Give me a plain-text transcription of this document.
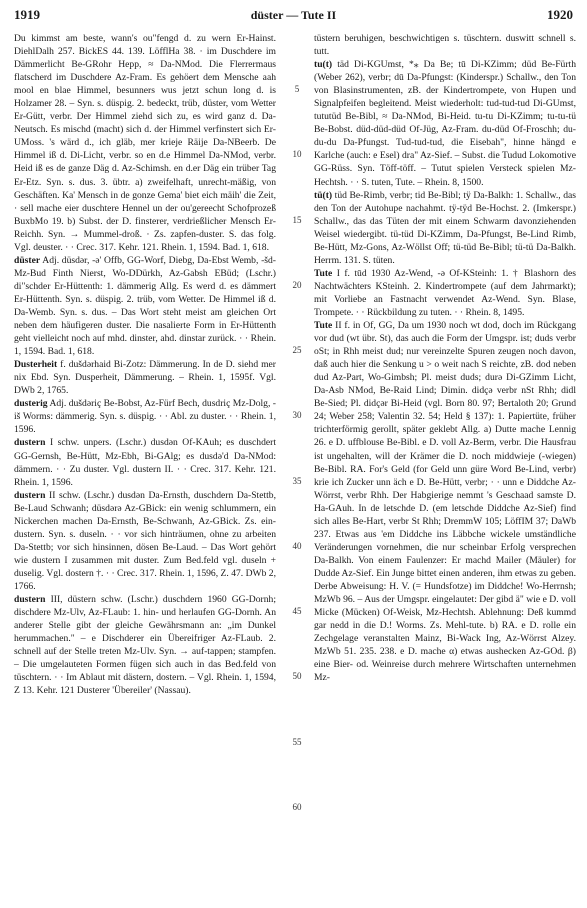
1919	düster — Tute II	1920

Du kimmst am beste, wann's ou"fengd d. zu wern Er-Hainst. DiehlDalh 257. BickES 44. 139. LöfflHa 38. · im Duschdere im Dämmerlicht Be-GRohr Hepp, ≈ Da-NMod. Die Flerrermaus flatscherd im Duschdere Az-Fram. Es gehöert dem Mensche aah mool en blae Himmel, besunners wus jetzt schun long d. is Holzamer 28. – Syn. s. düspig. 2. bedeckt, trüb, düster, vom Wetter Er-Gütt, verbr. Der Himmel ziehd sich zu, es wird ganz d. Da-Neutsch. Es mischd (macht) sich d. der Himmel verfinstert sich Er-UMoss. 's wärd d., ich gläb, mer krieje Räije Da-NBeerb. De Himmel iß d. Di-Licht, verbr. so en d.e Himmel Da-NMod, verbr. Heid iß es de ganze Däg d. Az-Schimsh. en d.er Däg ein trüber Tag Er-Etz. Syn. s. dus. 3. übtr. a) zweifelhaft, unrecht-mäßig, von Geschäften. Ka' Mensch in de gonze Gema' biet eich mäih' die Zeit, · sell mache eier duschtere Hennel un der ou'gereecht Schofprozeß BuxbMo 19. b) Subst. der D. finsterer, verdrießlicher Mensch Er-Reichh. Syn. → Mummel-droß. · Zs. zapfen-duster. S. das folg. Vgl. deuster. · · Crec. 317. Kehr. 121. Rhein. 1, 1594. Bad. 1, 618.

düster Adj. düsdər, -ə' Offb, GG-Worf, Diebg, Da-Ebst Wemb, -šd- Mz-Bud Finth Nierst, Wo-DDürkh, Az-Gabsh EBüd; (Lschr.) di"schder Er-Hüttenth: 1. dämmerig Allg. Es werd d. es dämmert Er-Hüttenth. Syn. s. düspig. 2. trüb, vom Wetter. De Himmel iß d. Da-Wemb. Syn. s. dus. – Das Wort steht meist am gleichen Ort neben dem häufigeren duster. Die nasalierte Form in Er-Hüttenth geht vielleicht noch auf mhd. dinster, ahd. dinstar zurück. · · Rhein. 1, 1594. Bad. 1, 618.

Dusterheit f. dušdərhaid Bi-Zotz: Dämmerung. In de D. siehd mer nix Ebd. Syn. Dusperheit, Dämmerung. – Rhein. 1, 1595f. Vgl. DWb 2, 1765.

dusterig Adj. dušdəriç Be-Bobst, Az-Fürf Bech, dusdriç Mz-Dolg, -iš Worms: dämmerig. Syn. s. düspig. · · Abl. zu duster. · · Rhein. 1, 1596.

dustern I schw. unpers. (Lschr.) dusdən Of-KAuh; es duschdert GG-Gernsh, Be-Hütt, Mz-Ebh, Bi-GAlg; es dusdə'd Da-NMod: dämmern. · · Zu duster. Vgl. dustern II. · · Crec. 317. Kehr. 121. Rhein. 1, 1596.

dustern II schw. (Lschr.) dusdən Da-Ernsth, duschdern Da-Stettb, Be-Laud Schwanh; düsdərə Az-GBick: ein wenig schlummern, ein Nickerchen machen Da-Ernsth, Be-Schwanh, Az-GBick. Zs. ein-dustern. Syn. s. duseln. · · vor sich hinträumen, ohne zu arbeiten Da-Stettb; vor sich hinsinnen, dösen Be-Laud. – Das Wort gehört wie dustern I zusammen mit duster. Zum Bed.feld vgl. duseln + duselig. Vgl. dostern †. · · Crec. 317. Rhein. 1, 1596, Z. 47. DWb 2, 1766.

dustern III, düstern schw. (Lschr.) duschdern 1960 GG-Dornh; dischdere Mz-Ulv, Az-FLaub: 1. hin- und herlaufen GG-Dornh. An anderer Stelle gibt der gleiche Gewährsmann an: „im Dunkel herummachen." – e Dischderer ein Übereifriger Az-FLaub. 2. schnell auf der Stelle treten Mz-Ulv. Syn. → auf-tappen; stampfen. – Die umgelauteten Formen fügen sich auch in das Bed.feld von tüschtern. · · Im Ablaut mit dästern, dostern. – Vgl. Rhein. 1, 1594, Z 13. Kehr. 121 Dusterer 'Übereiler' (Nassau).

5
10
15
20
25
30
35
40
45
50
55
60

tüstern beruhigen, beschwichtigen s. tüschtern. duswitt schnell s. tutt.

tu(t) täd Di-KGUmst, *⁎ Da Be; tū Di-KZimm; düd Be-Fürth (Weber 262), verbr; dū Da-Pfungst: (Kinderspr.) Schallw., den Ton von Blasinstrumenten, zB. der Kindertrompete, von Hupen und Signalpfeifen begleitend. Meist wiederholt: tud-tud-tud Di-GUmst, tututüd Be-Bibl, ≈ Da-NMod, Bi-Heid. tu-tu Di-KZimm; tu-tu-tü Be-Bobst. düd-düd-düd Of-Jüg, Az-Fram. du-düd Of-Froschh; du-du-du Da-Pfungst. Tud-tud-tud, die Eisebah", hinne hängd e Karlche (auch: e Esel) dra" Az-Sief. – Subst. die Tudud Lokomotive GG-Rüss. Syn. Töff-töff. – Tutut spielen Versteck spielen Mz-Hechtsh. · · S. tuten, Tute. – Rhein. 8, 1500.

tü(t) tüd Be-Rimb, verbr; tid Be-Bibl; tÿ Da-Balkh: 1. Schallw., das den Ton der Autohupe nachahmt. tÿ-tÿd Be-Hochst. 2. (Imkerspr.) Schallw., das das Tüten der mit einem Schwarm davonziehenden Weisel wiedergibt. tü-tüd Di-KZimm, Da-Pfungst, Be-Lind Rimb, Be-Hütt, Mz-Gons, Az-Wöllst Off; tü-tüd Be-Bibl; tü-tü Da-Balkh. Herrm. 131. S. tüten.

Tute I f. tūd 1930 Az-Wend, -ə Of-KSteinh: 1. † Blashorn des Nachtwächters KSteinh. 2. Kindertrompete (auf dem Jahrmarkt); mit Vorliebe an Fastnacht verwendet Az-Wend. Syn. Blase, Trompete. · · Rückbildung zu tuten. · · Rhein. 8, 1495.

Tute II f. in Of, GG, Da um 1930 noch wt dod, doch im Rückgang vor dud (wt übr. St), das auch die Form der Umgspr. ist; duds verbr oSt; in Rhh meist dud; nur vereinzelte Spuren zeugen noch davon, daß auch hier die Senkung u > o weit nach S reichte, zB. dod neben dud Az-Part, Wo-Gimbsh; Pl. meist duds; durə Di-GZimm Licht, Da-Asb NMod, Be-Raid Lind; Dimin. didçə verbr nSt Rhh; didl Be-Sied; Pl. didçər Bi-Heid (vgl. Born 80. 97; Bertaloth 20; Grund 24; Weber 258; Valentin 32. 54; Held § 137): 1. Papiertüte, früher trichterförmig gerollt, später geklebt Allg. a) Dutte mache Lennig 26. e D. uffblouse Be-Bibl. e D. voll Az-Berm, verbr. Die Hausfrau ist ungehalten, will der Krämer die D. noch middwieje (-wiegen) Be-Bibl. RA. For's Geld (for Geld unn güre Word Be-Lind, verbr) krie ich Zucker unn äch e D. Be-Hütt, verbr; · · unn e Diddche Az-Wörrst, verbr Rhh. Der Habgierige nemmt 's Geschaad samste D. Ha-GAuh. In de letschde D. (em letschde Diddche Az-Sief) find sich alles Be-Hart, verbr St Rhh; DremmW 105; LöffIM 37; DaWb 237. Etwas aus 'em Diddche ins Läbbche wickele umständliche Veränderungen vornehmen, die nur scheinbar Erfolg versprechen Da-Balkh. Von einem Faulenzer: Er machd Mailer (Mäuler) for Dudde Az-Sief. Ein Junge bittet einen anderen, ihm etwas zu geben. Derbe Abweisung: H. V. (= Hundsfotze) im Diddche! Wo-Herrnsh; MzWb 96. – Aus der Umgspr. eingelautet: Der gibd ä" wie e D. voll Micke (Mücken) Of-Weisk, Mz-Hechtsh. Ablehnung: Deß kummd gar nedd in die D.! Worms. Zs. Mehl-tute. b) RA. e D. rolle ein Zechgelage veranstalten Mainz, Bi-Wack Ing, Az-Wörrst Alzey. MzWb 51. 235. 238. e D. mache α) etwas aushecken Az-GOd. β) eine Bier- od. Weinreise durch mehrere Wirtschaften unternehmen Mz-
